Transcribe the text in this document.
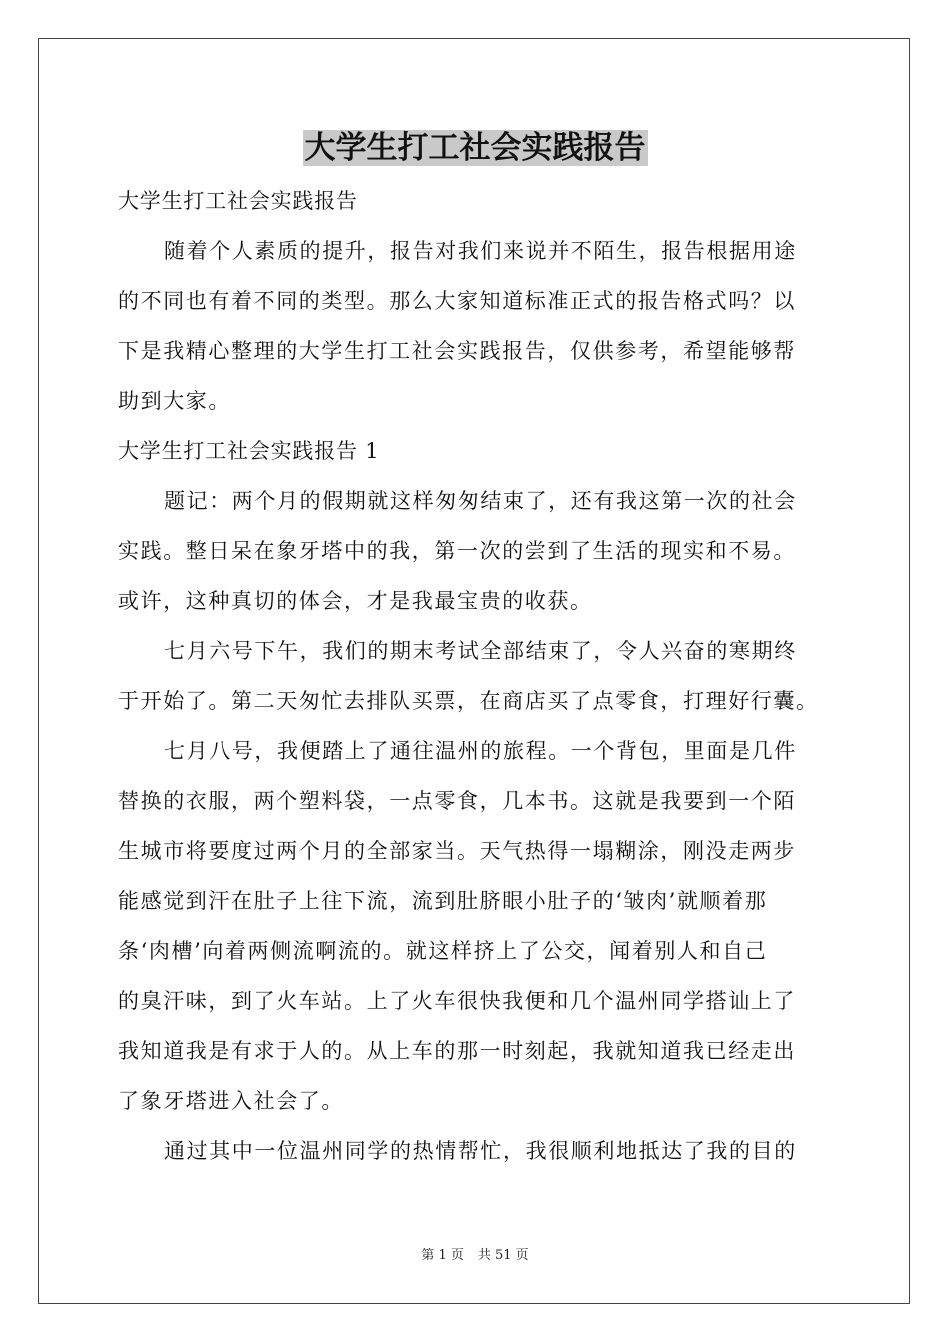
大学生打工社会实践报告
大学生打工社会实践报告
随着个人素质的提升，报告对我们来说并不陌生，报告根据用途
的不同也有着不同的类型。那么大家知道标准正式的报告格式吗？以
下是我精心整理的大学生打工社会实践报告，仅供参考，希望能够帮
助到大家。
大学生打工社会实践报告 1
题记：两个月的假期就这样匆匆结束了，还有我这第一次的社会
实践。整日呆在象牙塔中的我，第一次的尝到了生活的现实和不易。
或许，这种真切的体会，才是我最宝贵的收获。
七月六号下午，我们的期末考试全部结束了，令人兴奋的寒期终
于开始了。第二天匆忙去排队买票，在商店买了点零食，打理好行囊。
七月八号，我便踏上了通往温州的旅程。一个背包，里面是几件
替换的衣服，两个塑料袋，一点零食，几本书。这就是我要到一个陌
生城市将要度过两个月的全部家当。天气热得一塌糊涂，刚没走两步
能感觉到汗在肚子上往下流，流到肚脐眼小肚子的‘皱肉’就顺着那
条‘肉槽’向着两侧流啊流的。就这样挤上了公交，闻着别人和自己
的臭汗味，到了火车站。上了火车很快我便和几个温州同学搭讪上了
我知道我是有求于人的。从上车的那一时刻起，我就知道我已经走出
了象牙塔进入社会了。
通过其中一位温州同学的热情帮忙，我很顺利地抵达了我的目的
第 1 页 共 51 页
